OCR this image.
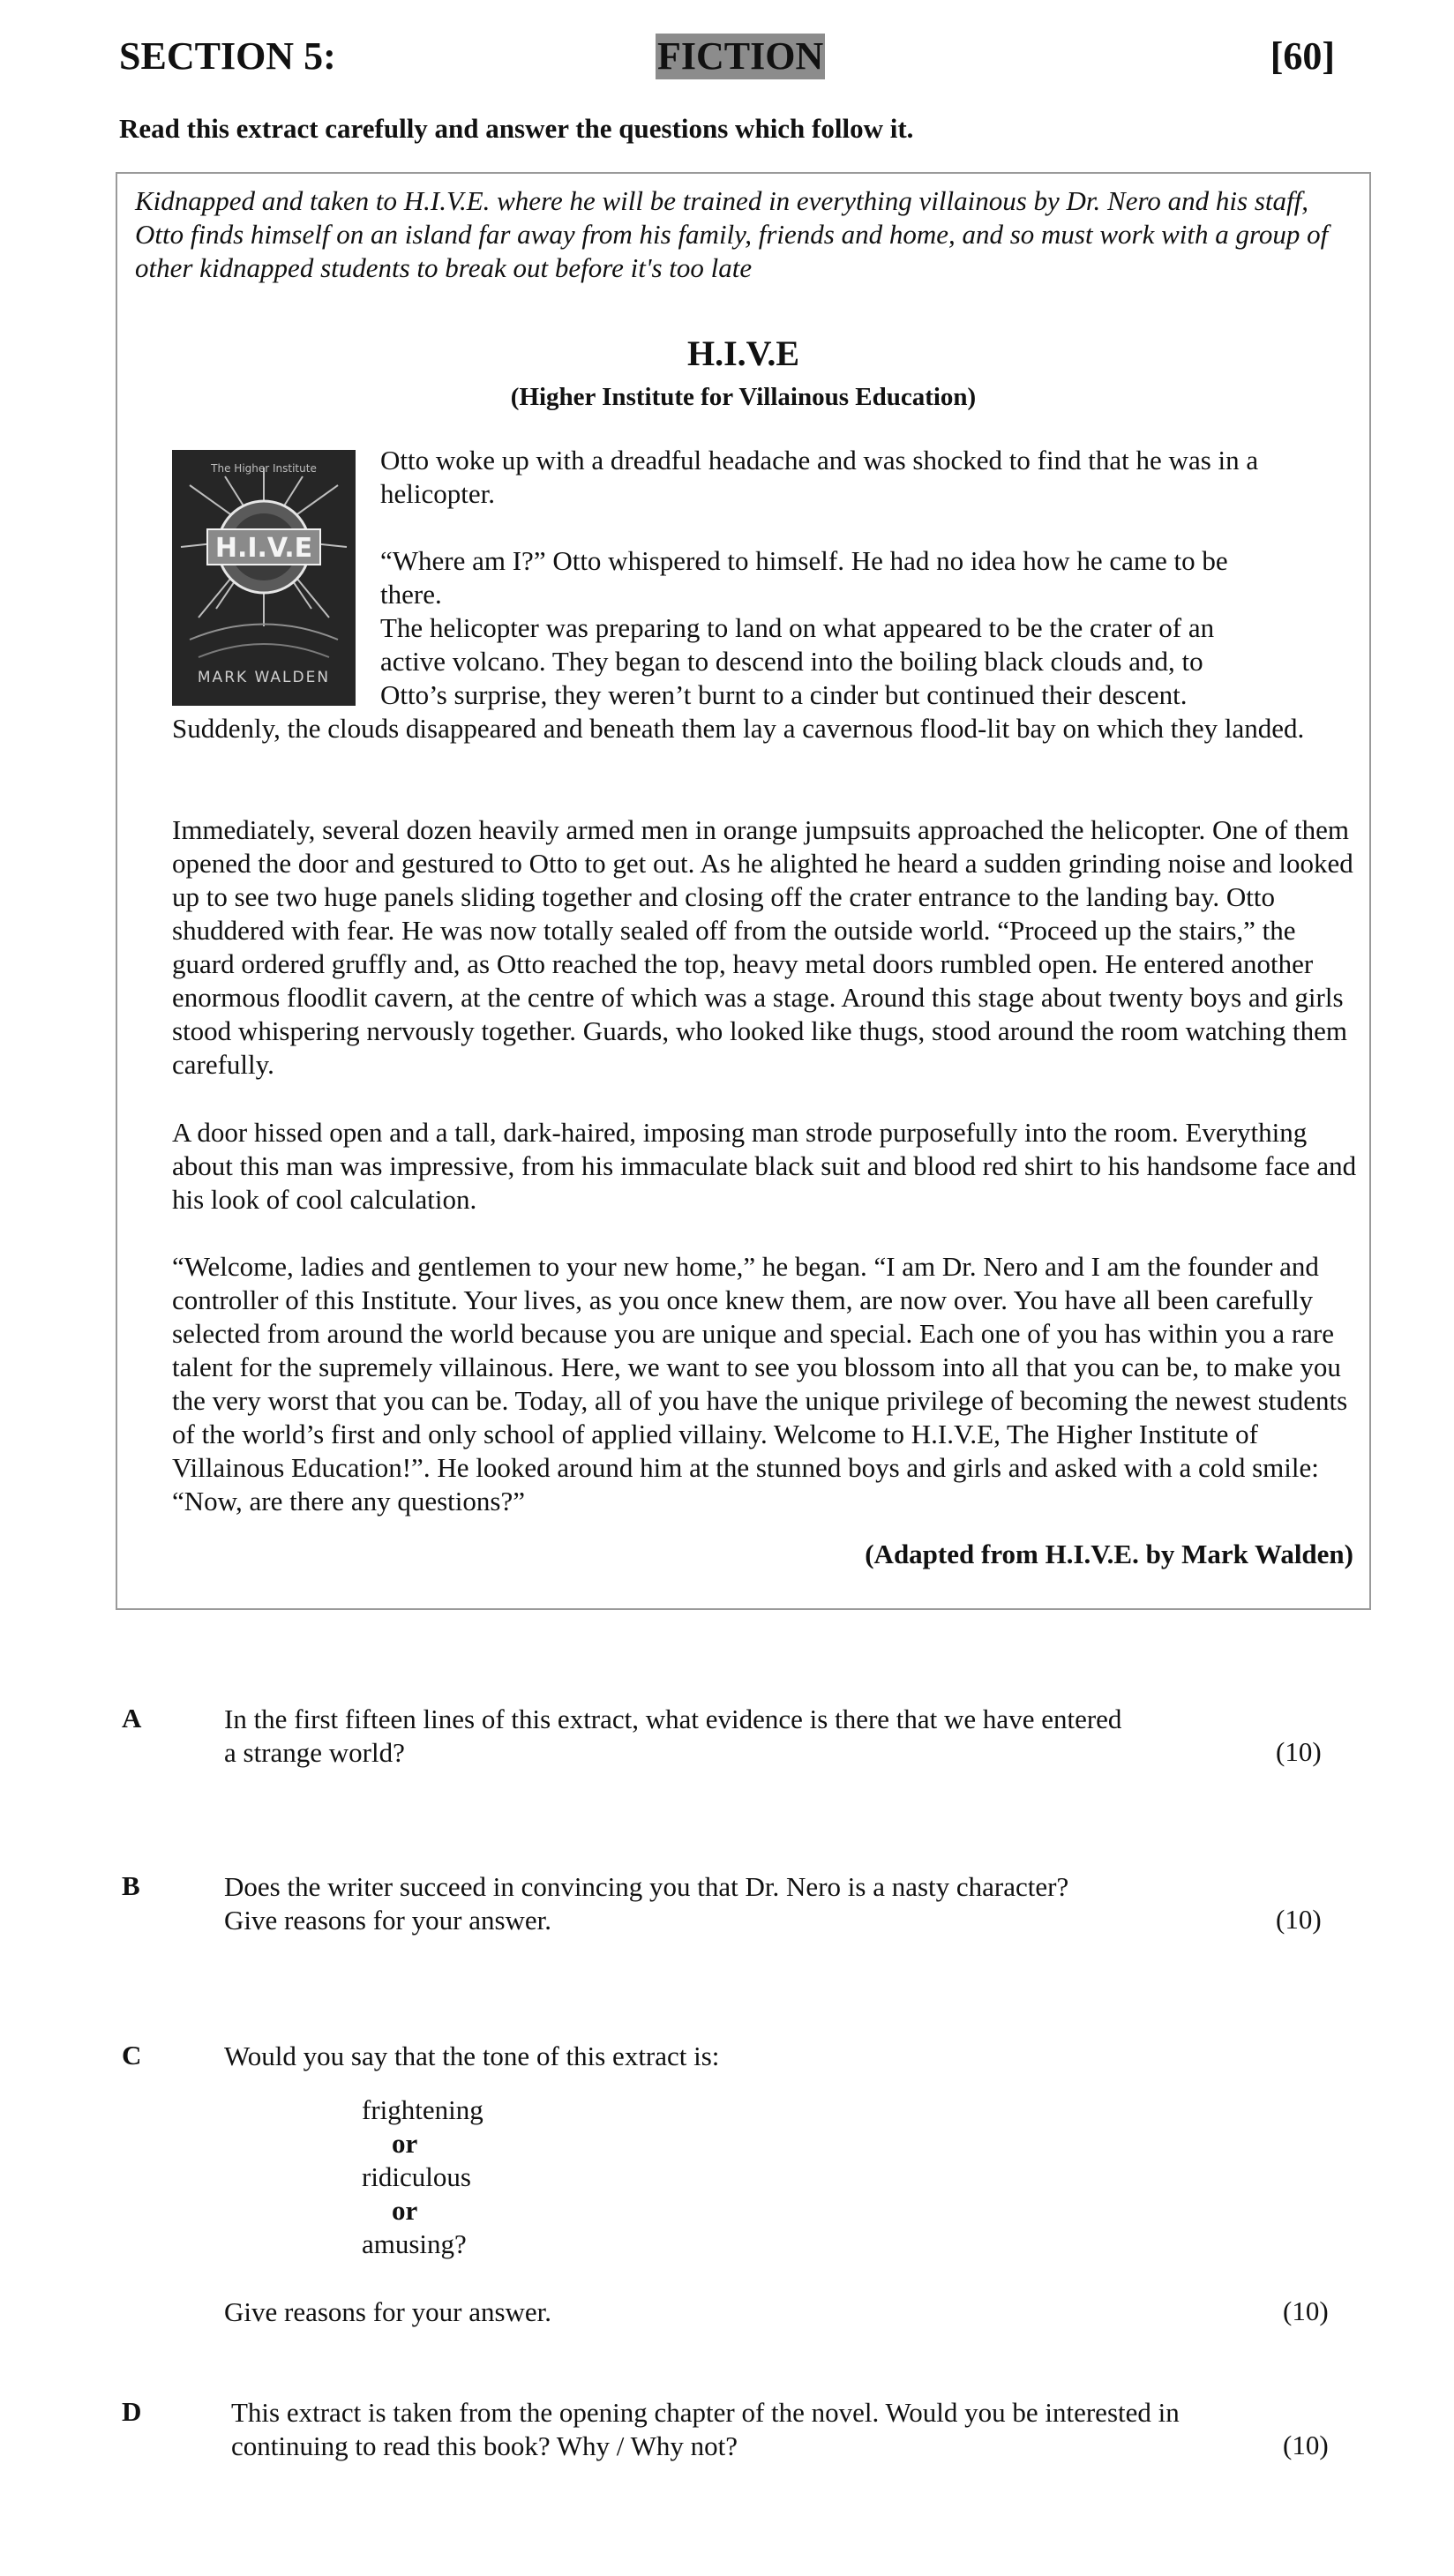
SECTION 5:	FICTION	[60]
Read this extract carefully and answer the questions which follow it.
Kidnapped and taken to H.I.V.E. where he will be trained in everything villainous by Dr. Nero and his staff, Otto finds himself on an island far away from his family, friends and home, and so must work with a group of other kidnapped students to break out before it's too late
H.I.V.E
(Higher Institute for Villainous Education)
H.I.V.E
The Higher Institute
MARK WALDEN
Otto woke up with a dreadful headache and was shocked to find that he was in a
helicopter.
“Where am I?” Otto whispered to himself. He had no idea how he came to be
there.
The helicopter was preparing to land on what appeared to be the crater of an
active volcano. They began to descend into the boiling black clouds and, to
Otto’s surprise, they weren’t burnt to a cinder but continued their descent.
Suddenly, the clouds disappeared and beneath them lay a cavernous flood-lit bay on which they landed.
Immediately, several dozen heavily armed men in orange jumpsuits approached the helicopter. One of them opened the door and gestured to Otto to get out. As he alighted he heard a sudden grinding noise and looked up to see two huge panels sliding together and closing off the crater entrance to the landing bay. Otto shuddered with fear. He was now totally sealed off from the outside world. “Proceed up the stairs,” the guard ordered gruffly and, as Otto reached the top, heavy metal doors rumbled open. He entered another enormous floodlit cavern, at the centre of which was a stage. Around this stage about twenty boys and girls stood whispering nervously together. Guards, who looked like thugs, stood around the room watching them carefully.
A door hissed open and a tall, dark-haired, imposing man strode purposefully into the room. Everything about this man was impressive, from his immaculate black suit and blood red shirt to his handsome face and his look of cool calculation.
“Welcome, ladies and gentlemen to your new home,” he began. “I am Dr. Nero and I am the founder and controller of this Institute. Your lives, as you once knew them, are now over. You have all been carefully selected from around the world because you are unique and special. Each one of you has within you a rare talent for the supremely villainous. Here, we want to see you blossom into all that you can be, to make you the very worst that you can be. Today, all of you have the unique privilege of becoming the newest students of the world’s first and only school of applied villainy. Welcome to H.I.V.E, The Higher Institute of Villainous Education!”. He looked around him at the stunned boys and girls and asked with a cold smile: “Now, are there any questions?”
(Adapted from H.I.V.E. by Mark Walden)
A	In the first fifteen lines of this extract, what evidence is there that we have entered
a strange world?	(10)
B	Does the writer succeed in convincing you that Dr. Nero is a nasty character?
Give reasons for your answer.	(10)
C	Would you say that the tone of this extract is:
frightening
or
ridiculous
or
amusing?
Give reasons for your answer.	(10)
D	This extract is taken from the opening chapter of the novel. Would you be interested in
continuing to read this book? Why / Why not?	(10)
